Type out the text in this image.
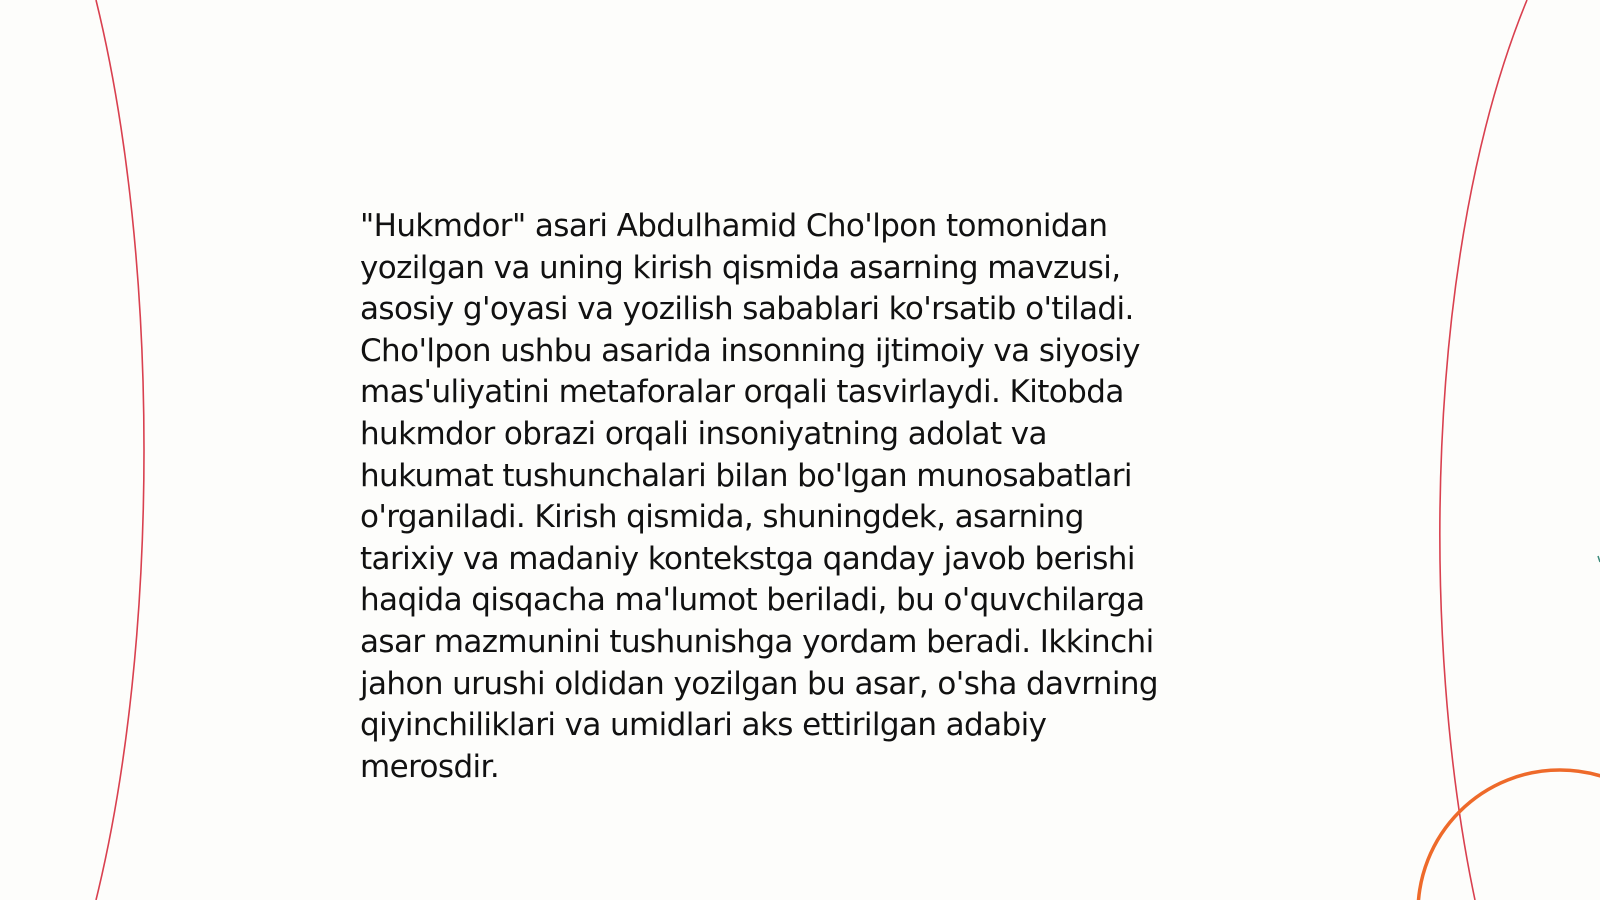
"Hukmdor" asari Abdulhamid Cho'lpon tomonidan
yozilgan va uning kirish qismida asarning mavzusi,
asosiy g'oyasi va yozilish sabablari ko'rsatib o'tiladi.
Cho'lpon ushbu asarida insonning ijtimoiy va siyosiy
mas'uliyatini metaforalar orqali tasvirlaydi. Kitobda
hukmdor obrazi orqali insoniyatning adolat va
hukumat tushunchalari bilan bo'lgan munosabatlari
o'rganiladi. Kirish qismida, shuningdek, asarning
tarixiy va madaniy kontekstga qanday javob berishi
haqida qisqacha ma'lumot beriladi, bu o'quvchilarga
asar mazmunini tushunishga yordam beradi. Ikkinchi
jahon urushi oldidan yozilgan bu asar, o'sha davrning
qiyinchiliklari va umidlari aks ettirilgan adabiy
merosdir.
